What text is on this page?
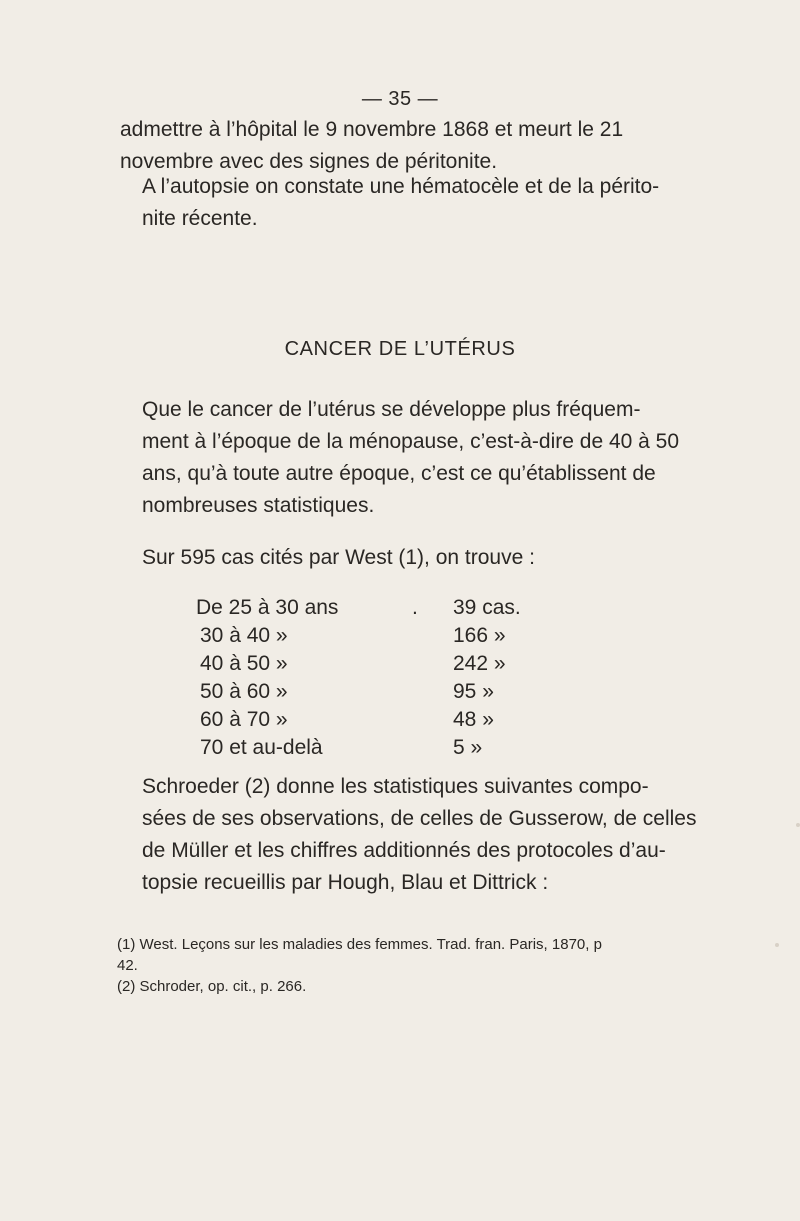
— 35 —
admettre à l’hôpital le 9 novembre 1868 et meurt le 21
novembre avec des signes de péritonite.
A l’autopsie on constate une hématocèle et de la périto-
nite récente.
CANCER DE L’UTÉRUS
Que le cancer de l’utérus se développe plus fréquem-
ment à l’époque de la ménopause, c’est-à-dire de 40 à 50
ans, qu’à toute autre époque, c’est ce qu’établissent de
nombreuses statistiques.
Sur 595 cas cités par West (1), on trouve :
De 25 à 30 ans	. 39 cas.
30 à 40 »	166 »
40 à 50 »	242 »
50 à 60 »	95 »
60 à 70 »	48 »
70 et au-delà	5 »
Schroeder (2) donne les statistiques suivantes compo-
sées de ses observations, de celles de Gusserow, de celles
de Müller et les chiffres additionnés des protocoles d’au-
topsie recueillis par Hough, Blau et Dittrick :
(1) West. Leçons sur les maladies des femmes. Trad. fran. Paris, 1870, p
42.
(2) Schroder, op. cit., p. 266.
